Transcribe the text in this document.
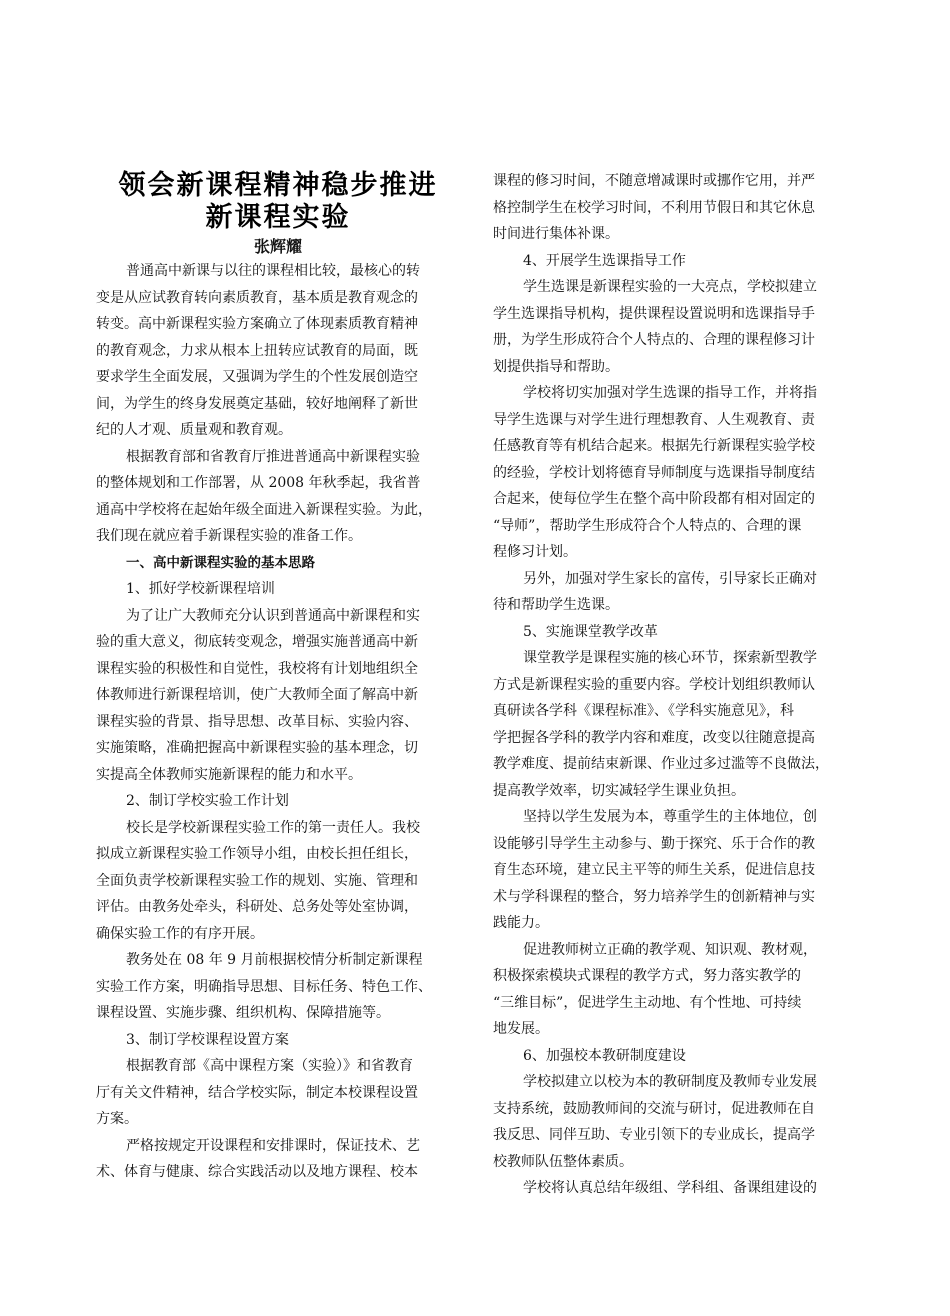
领会新课程精神稳步推进
新课程实验
张辉耀
普通高中新课与以往的课程相比较，最核心的转
变是从应试教育转向素质教育，基本质是教育观念的
转变。高中新课程实验方案确立了体现素质教育精神
的教育观念，力求从根本上扭转应试教育的局面，既
要求学生全面发展，又强调为学生的个性发展创造空
间，为学生的终身发展奠定基础，较好地阐释了新世
纪的人才观、质量观和教育观。
根据教育部和省教育厅推进普通高中新课程实验
的整体规划和工作部署，从 2008 年秋季起，我省普
通高中学校将在起始年级全面进入新课程实验。为此，
我们现在就应着手新课程实验的准备工作。
一、高中新课程实验的基本思路
1、抓好学校新课程培训
为了让广大教师充分认识到普通高中新课程和实
验的重大意义，彻底转变观念，增强实施普通高中新
课程实验的积极性和自觉性，我校将有计划地组织全
体教师进行新课程培训，使广大教师全面了解高中新
课程实验的背景、指导思想、改革目标、实验内容、
实施策略，准确把握高中新课程实验的基本理念，切
实提高全体教师实施新课程的能力和水平。
2、制订学校实验工作计划
校长是学校新课程实验工作的第一责任人。我校
拟成立新课程实验工作领导小组，由校长担任组长，
全面负责学校新课程实验工作的规划、实施、管理和
评估。由教务处牵头，科研处、总务处等处室协调，
确保实验工作的有序开展。
教务处在 08 年 9 月前根据校情分析制定新课程
实验工作方案，明确指导思想、目标任务、特色工作、
课程设置、实施步骤、组织机构、保障措施等。
3、制订学校课程设置方案
根据教育部《高中课程方案（实验）》和省教育
厅有关文件精神，结合学校实际，制定本校课程设置
方案。
严格按规定开设课程和安排课时，保证技术、艺
术、体育与健康、综合实践活动以及地方课程、校本
课程的修习时间，不随意增减课时或挪作它用，并严
格控制学生在校学习时间，不利用节假日和其它休息
时间进行集体补课。
4、开展学生选课指导工作
学生选课是新课程实验的一大亮点，学校拟建立
学生选课指导机构，提供课程设置说明和选课指导手
册，为学生形成符合个人特点的、合理的课程修习计
划提供指导和帮助。
学校将切实加强对学生选课的指导工作，并将指
导学生选课与对学生进行理想教育、人生观教育、责
任感教育等有机结合起来。根据先行新课程实验学校
的经验，学校计划将德育导师制度与选课指导制度结
合起来，使每位学生在整个高中阶段都有相对固定的
“导师”，帮助学生形成符合个人特点的、合理的课
程修习计划。
另外，加强对学生家长的富传，引导家长正确对
待和帮助学生选课。
5、实施课堂教学改革
课堂教学是课程实施的核心环节，探索新型教学
方式是新课程实验的重要内容。学校计划组织教师认
真研读各学科《课程标准》、《学科实施意见》，科
学把握各学科的教学内容和难度，改变以往随意提高
教学难度、提前结束新课、作业过多过滥等不良做法，
提高教学效率，切实减轻学生课业负担。
坚持以学生发展为本，尊重学生的主体地位，创
设能够引导学生主动参与、勤于探究、乐于合作的教
育生态环境，建立民主平等的师生关系，促进信息技
术与学科课程的整合，努力培养学生的创新精神与实
践能力。
促进教师树立正确的教学观、知识观、教材观，
积极探索模块式课程的教学方式，努力落实教学的
“三维目标”，促进学生主动地、有个性地、可持续
地发展。
6、加强校本教研制度建设
学校拟建立以校为本的教研制度及教师专业发展
支持系统，鼓励教师间的交流与研讨，促进教师在自
我反思、同伴互助、专业引领下的专业成长，提高学
校教师队伍整体素质。
学校将认真总结年级组、学科组、备课组建设的
